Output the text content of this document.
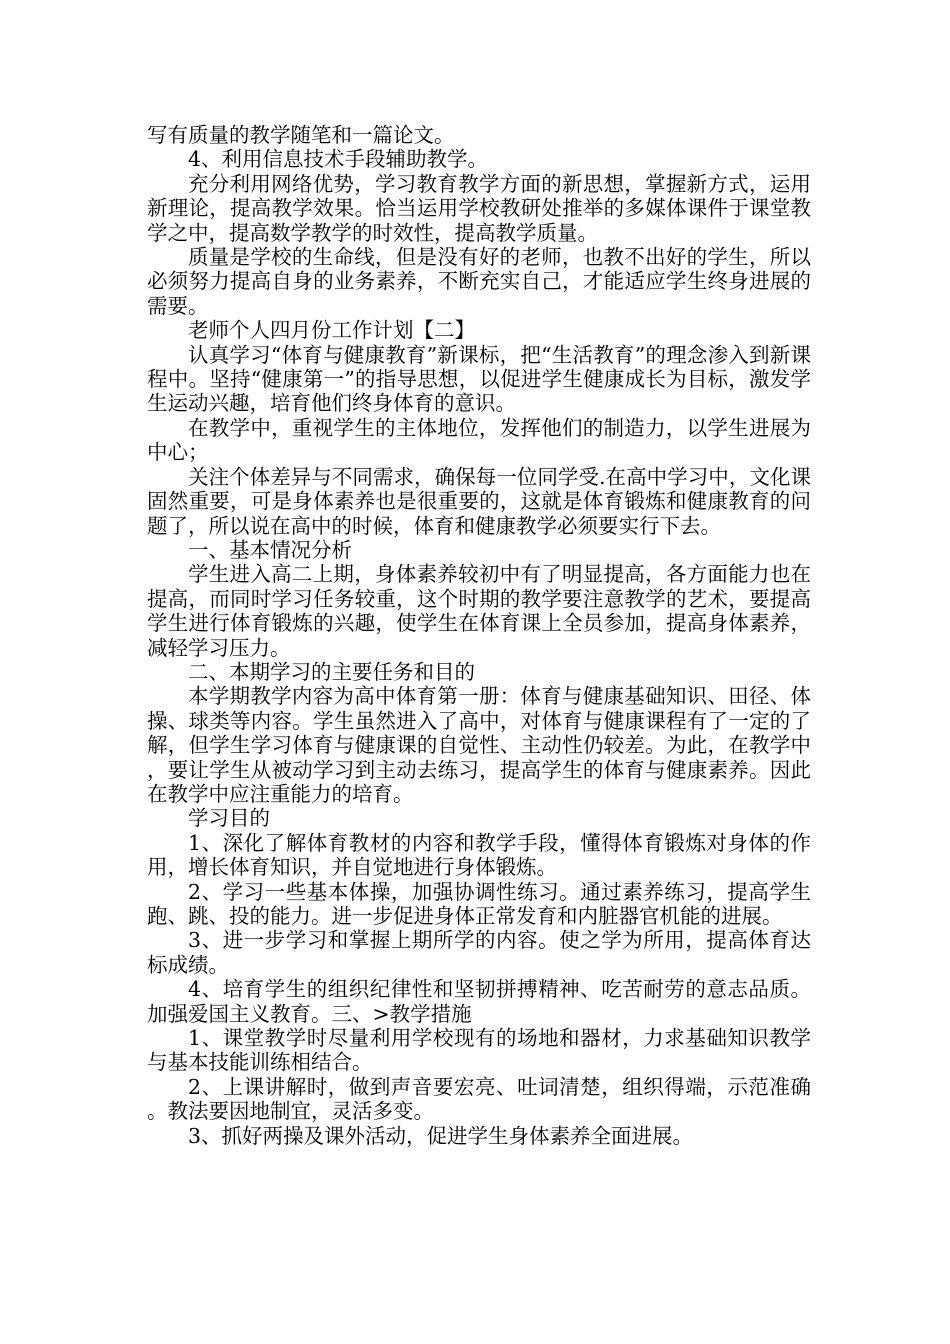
写有质量的教学随笔和一篇论文。

4、利用信息技术手段辅助教学。

充分利用网络优势，学习教育教学方面的新思想，掌握新方式，运用新理论，提高教学效果。恰当运用学校教研处推举的多媒体课件于课堂教学之中，提高数学教学的时效性，提高教学质量。

质量是学校的生命线，但是没有好的老师，也教不出好的学生，所以必须努力提高自身的业务素养，不断充实自己，才能适应学生终身进展的需要。

老师个人四月份工作计划【二】

认真学习“体育与健康教育”新课标，把“生活教育”的理念渗入到新课程中。坚持“健康第一”的指导思想，以促进学生健康成长为目标，激发学生运动兴趣，培育他们终身体育的意识。

在教学中，重视学生的主体地位，发挥他们的制造力，以学生进展为中心；

关注个体差异与不同需求，确保每一位同学受.在高中学习中，文化课固然重要，可是身体素养也是很重要的，这就是体育锻炼和健康教育的问题了，所以说在高中的时候，体育和健康教学必须要实行下去。

一、基本情况分析

学生进入高二上期，身体素养较初中有了明显提高，各方面能力也在提高，而同时学习任务较重，这个时期的教学要注意教学的艺术，要提高学生进行体育锻炼的兴趣，使学生在体育课上全员参加，提高身体素养，减轻学习压力。

二、本期学习的主要任务和目的

本学期教学内容为高中体育第一册：体育与健康基础知识、田径、体操、球类等内容。学生虽然进入了高中，对体育与健康课程有了一定的了解，但学生学习体育与健康课的自觉性、主动性仍较差。为此，在教学中，要让学生从被动学习到主动去练习，提高学生的体育与健康素养。因此在教学中应注重能力的培育。

学习目的

1、深化了解体育教材的内容和教学手段，懂得体育锻炼对身体的作用，增长体育知识，并自觉地进行身体锻炼。

2、学习一些基本体操，加强协调性练习。通过素养练习，提高学生跑、跳、投的能力。进一步促进身体正常发育和内脏器官机能的进展。

3、进一步学习和掌握上期所学的内容。使之学为所用，提高体育达标成绩。

4、培育学生的组织纪律性和坚韧拼搏精神、吃苦耐劳的意志品质。加强爱国主义教育。三、>教学措施

1、课堂教学时尽量利用学校现有的场地和器材，力求基础知识教学与基本技能训练相结合。

2、上课讲解时，做到声音要宏亮、吐词清楚，组织得端，示范准确。教法要因地制宜，灵活多变。

3、抓好两操及课外活动，促进学生身体素养全面进展。
